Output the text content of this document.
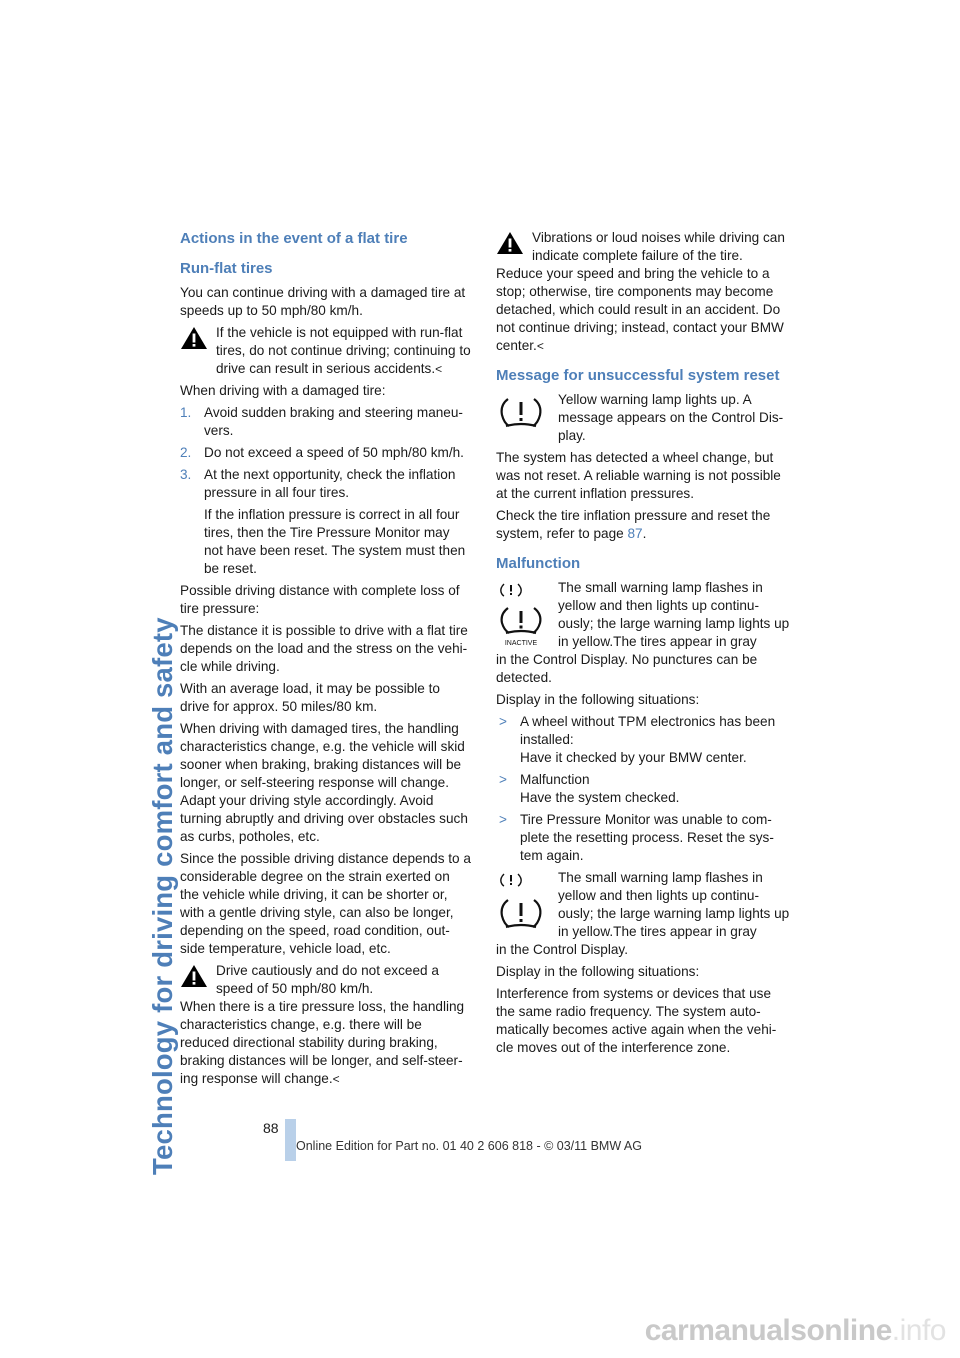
Technology for driving comfort and safety
Actions in the event of a flat tire
Run-flat tires

You can continue driving with a damaged tire at speeds up to 50 mph/80 km/h.

If the vehicle is not equipped with run-flat tires, do not continue driving; continuing to drive can result in serious accidents.<

When driving with a damaged tire:

1. Avoid sudden braking and steering maneu-vers.
2. Do not exceed a speed of 50 mph/80 km/h.
3. At the next opportunity, check the inflation pressure in all four tires.
If the inflation pressure is correct in all four tires, then the Tire Pressure Monitor may not have been reset. The system must then be reset.

Possible driving distance with complete loss of tire pressure:

The distance it is possible to drive with a flat tire depends on the load and the stress on the vehi-cle while driving.

With an average load, it may be possible to drive for approx. 50 miles/80 km.

When driving with damaged tires, the handling characteristics change, e.g. the vehicle will skid sooner when braking, braking distances will be longer, or self-steering response will change. Adapt your driving style accordingly. Avoid turning abruptly and driving over obstacles such as curbs, potholes, etc.

Since the possible driving distance depends to a considerable degree on the strain exerted on the vehicle while driving, it can be shorter or, with a gentle driving style, can also be longer, depending on the speed, road condition, out-side temperature, vehicle load, etc.

Drive cautiously and do not exceed a speed of 50 mph/80 km/h.
When there is a tire pressure loss, the handling characteristics change, e.g. there will be reduced directional stability during braking, braking distances will be longer, and self-steer-ing response will change.<
Vibrations or loud noises while driving can indicate complete failure of the tire.
Reduce your speed and bring the vehicle to a stop; otherwise, tire components may become detached, which could result in an accident. Do not continue driving; instead, contact your BMW center.<
Message for unsuccessful system reset
Yellow warning lamp lights up. A message appears on the Control Dis-play.

The system has detected a wheel change, but was not reset. A reliable warning is not possible at the current inflation pressures.

Check the tire inflation pressure and reset the system, refer to page 87.

Malfunction

INACTIVE
The small warning lamp flashes in yellow and then lights up continu-ously; the large warning lamp lights up in yellow.The tires appear in gray
in the Control Display. No punctures can be detected.

Display in the following situations:

> A wheel without TPM electronics has been installed:
Have it checked by your BMW center.
> Malfunction
Have the system checked.
> Tire Pressure Monitor was unable to com-plete the resetting process. Reset the sys-tem again.

The small warning lamp flashes in yellow and then lights up continu-ously; the large warning lamp lights up in yellow.The tires appear in gray
in the Control Display.

Display in the following situations:

Interference from systems or devices that use the same radio frequency. The system auto-matically becomes active again when the vehi-cle moves out of the interference zone.

88
Online Edition for Part no. 01 40 2 606 818 - © 03/11 BMW AG
carmanualsonline.info
